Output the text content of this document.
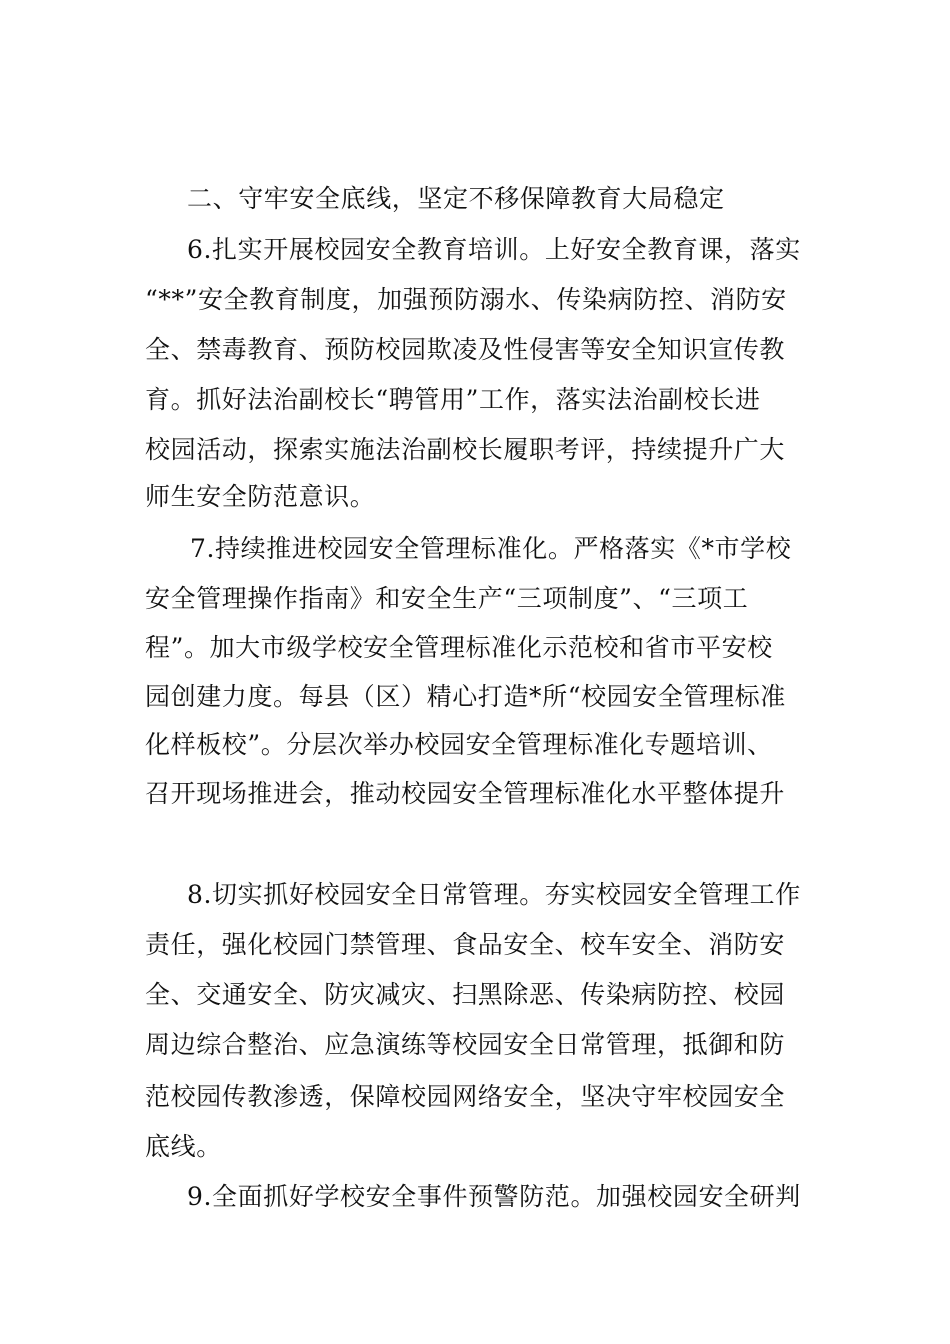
二、守牢安全底线，坚定不移保障教育大局稳定
6.扎实开展校园安全教育培训。上好安全教育课，落实
“**”安全教育制度，加强预防溺水、传染病防控、消防安
全、禁毒教育、预防校园欺凌及性侵害等安全知识宣传教
育。抓好法治副校长“聘管用”工作，落实法治副校长进
校园活动，探索实施法治副校长履职考评，持续提升广大
师生安全防范意识。
7.持续推进校园安全管理标准化。严格落实《*市学校
安全管理操作指南》和安全生产“三项制度”、“三项工
程”。加大市级学校安全管理标准化示范校和省市平安校
园创建力度。每县（区）精心打造*所“校园安全管理标准
化样板校”。分层次举办校园安全管理标准化专题培训、
召开现场推进会，推动校园安全管理标准化水平整体提升
8.切实抓好校园安全日常管理。夯实校园安全管理工作
责任，强化校园门禁管理、食品安全、校车安全、消防安
全、交通安全、防灾减灾、扫黑除恶、传染病防控、校园
周边综合整治、应急演练等校园安全日常管理，抵御和防
范校园传教渗透，保障校园网络安全，坚决守牢校园安全
底线。
9.全面抓好学校安全事件预警防范。加强校园安全研判
